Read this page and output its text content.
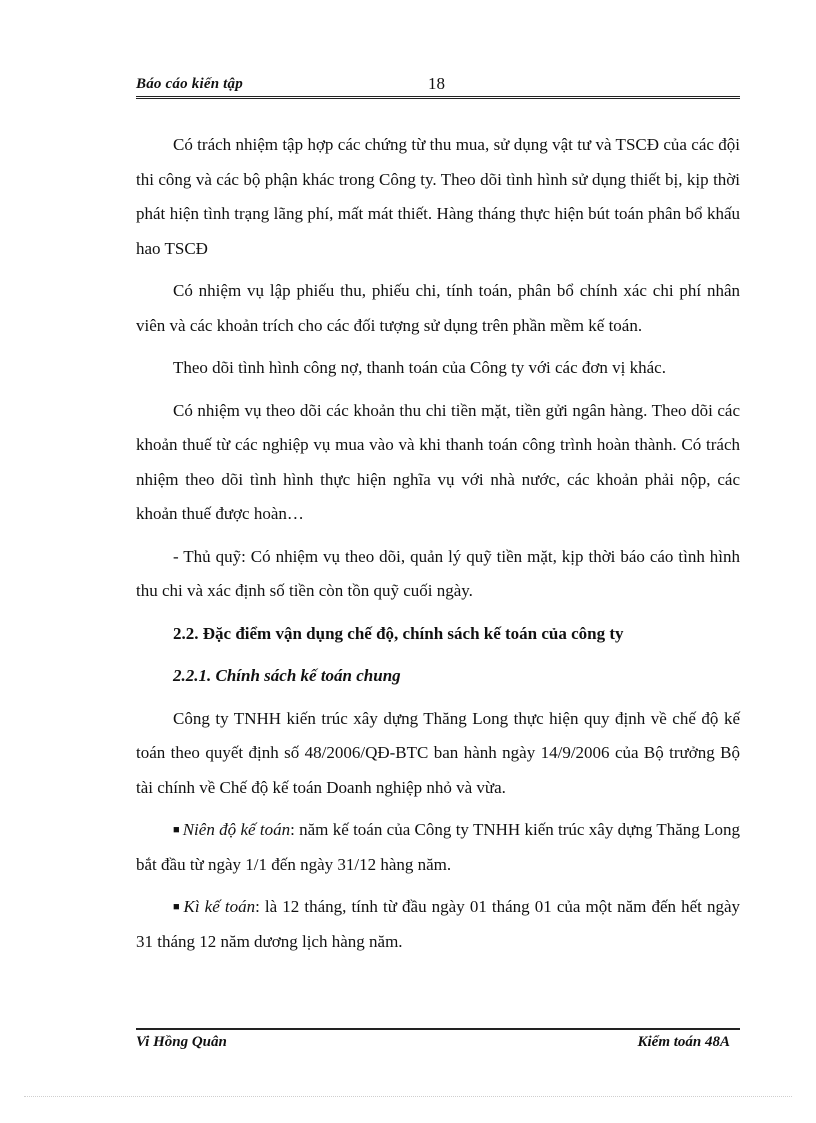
Báo cáo kiến tập	18

Có trách nhiệm tập hợp các chứng từ thu mua, sử dụng vật tư và TSCĐ của các đội thi công và các bộ phận khác trong Công ty. Theo dõi tình hình sử dụng thiết bị, kịp thời phát hiện tình trạng lãng phí, mất mát thiết. Hàng tháng thực hiện bút toán phân bổ khấu hao TSCĐ

Có nhiệm vụ lập phiếu thu, phiếu chi, tính toán, phân bổ chính xác chi phí nhân viên và các khoản trích cho các đối tượng sử dụng trên phần mềm kế toán.

Theo dõi tình hình công nợ, thanh toán của Công ty với các đơn vị khác.

Có nhiệm vụ theo dõi các khoản thu chi tiền mặt, tiền gửi ngân hàng. Theo dõi các khoản thuế từ các nghiệp vụ mua vào và khi thanh toán công trình hoàn thành. Có trách nhiệm theo dõi tình hình thực hiện nghĩa vụ với nhà nước, các khoản phải nộp, các khoản thuế được hoàn…

- Thủ quỹ: Có nhiệm vụ theo dõi, quản lý quỹ tiền mặt, kịp thời báo cáo tình hình thu chi và xác định số tiền còn tồn quỹ cuối ngày.

2.2. Đặc điểm vận dụng chế độ, chính sách kế toán của công ty

2.2.1. Chính sách kế toán chung

Công ty TNHH kiến trúc xây dựng Thăng Long thực hiện quy định về chế độ kế toán theo quyết định số 48/2006/QĐ-BTC ban hành ngày 14/9/2006 của Bộ trưởng Bộ tài chính về Chế độ kế toán Doanh nghiệp nhỏ và vừa.

■ Niên độ kế toán: năm kế toán của Công ty TNHH kiến trúc xây dựng Thăng Long bắt đầu từ ngày 1/1 đến ngày 31/12 hàng năm.

■ Kì kế toán: là 12 tháng, tính từ đầu ngày 01 tháng 01 của một năm đến hết ngày 31 tháng 12 năm dương lịch hàng năm.

Vi Hồng Quân	Kiểm toán 48A
